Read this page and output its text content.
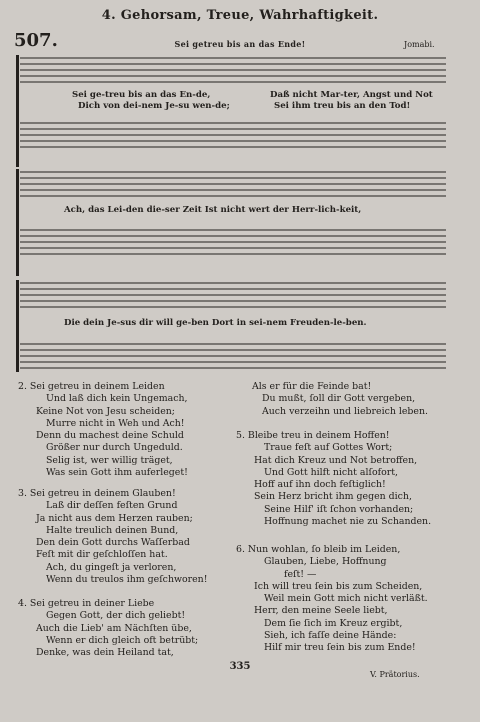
4. Gehorsam, Treue, Wahrhaftigkeit.
507.	Sei getreu bis an das Ende!	Jomabi.
Sei ge-treu bis an das En-de,
Dich von dei-nem Je-su wen-de;
Daß nicht Mar-ter, Angst und Not
Sei ihm treu bis an den Tod!
Ach, das Lei-den die-ser Zeit Ist nicht wert der Herr-lich-keit,
Die dein Je-sus dir will ge-ben Dort in sei-nem Freuden-le-ben.
2. Sei getreu in deinem Leiden
Und laß dich kein Ungemach,
Keine Not von Jesu scheiden;
Murre nicht in Weh und Ach!
Denn du machest deine Schuld
Größer nur durch Ungeduld.
Selig ist, wer willig träget,
Was sein Gott ihm auferleget!
3. Sei getreu in deinem Glauben!
Laß dir deſſen feſten Grund
Ja nicht aus dem Herzen rauben;
Halte treulich deinen Bund,
Den dein Gott durchs Waſſerbad
Feſt mit dir geſchloſſen hat.
Ach, du gingeſt ja verloren,
Wenn du treulos ihm geſchworen!
4. Sei getreu in deiner Liebe
Gegen Gott, der dich geliebt!
Auch die Lieb' am Nächſten übe,
Wenn er dich gleich oft betrübt;
Denke, was dein Heiland tat,
Als er für die Feinde bat!
Du mußt, ſoll dir Gott vergeben,
Auch verzeihn und liebreich leben.
5. Bleibe treu in deinem Hoffen!
Traue feſt auf Gottes Wort;
Hat dich Kreuz und Not betroffen,
Und Gott hilft nicht alſofort,
Hoff auf ihn doch feſtiglich!
Sein Herz bricht ihm gegen dich,
Seine Hilf' iſt ſchon vorhanden;
Hoffnung machet nie zu Schanden.
6. Nun wohlan, ſo bleib im Leiden,
Glauben, Liebe, Hoffnung
feſt! —
Ich will treu ſein bis zum Scheiden,
Weil mein Gott mich nicht verläßt.
Herr, den meine Seele liebt,
Dem ſie ſich im Kreuz ergibt,
Sieh, ich faſſe deine Hände:
Hilf mir treu ſein bis zum Ende!
335
V. Prätorius.
